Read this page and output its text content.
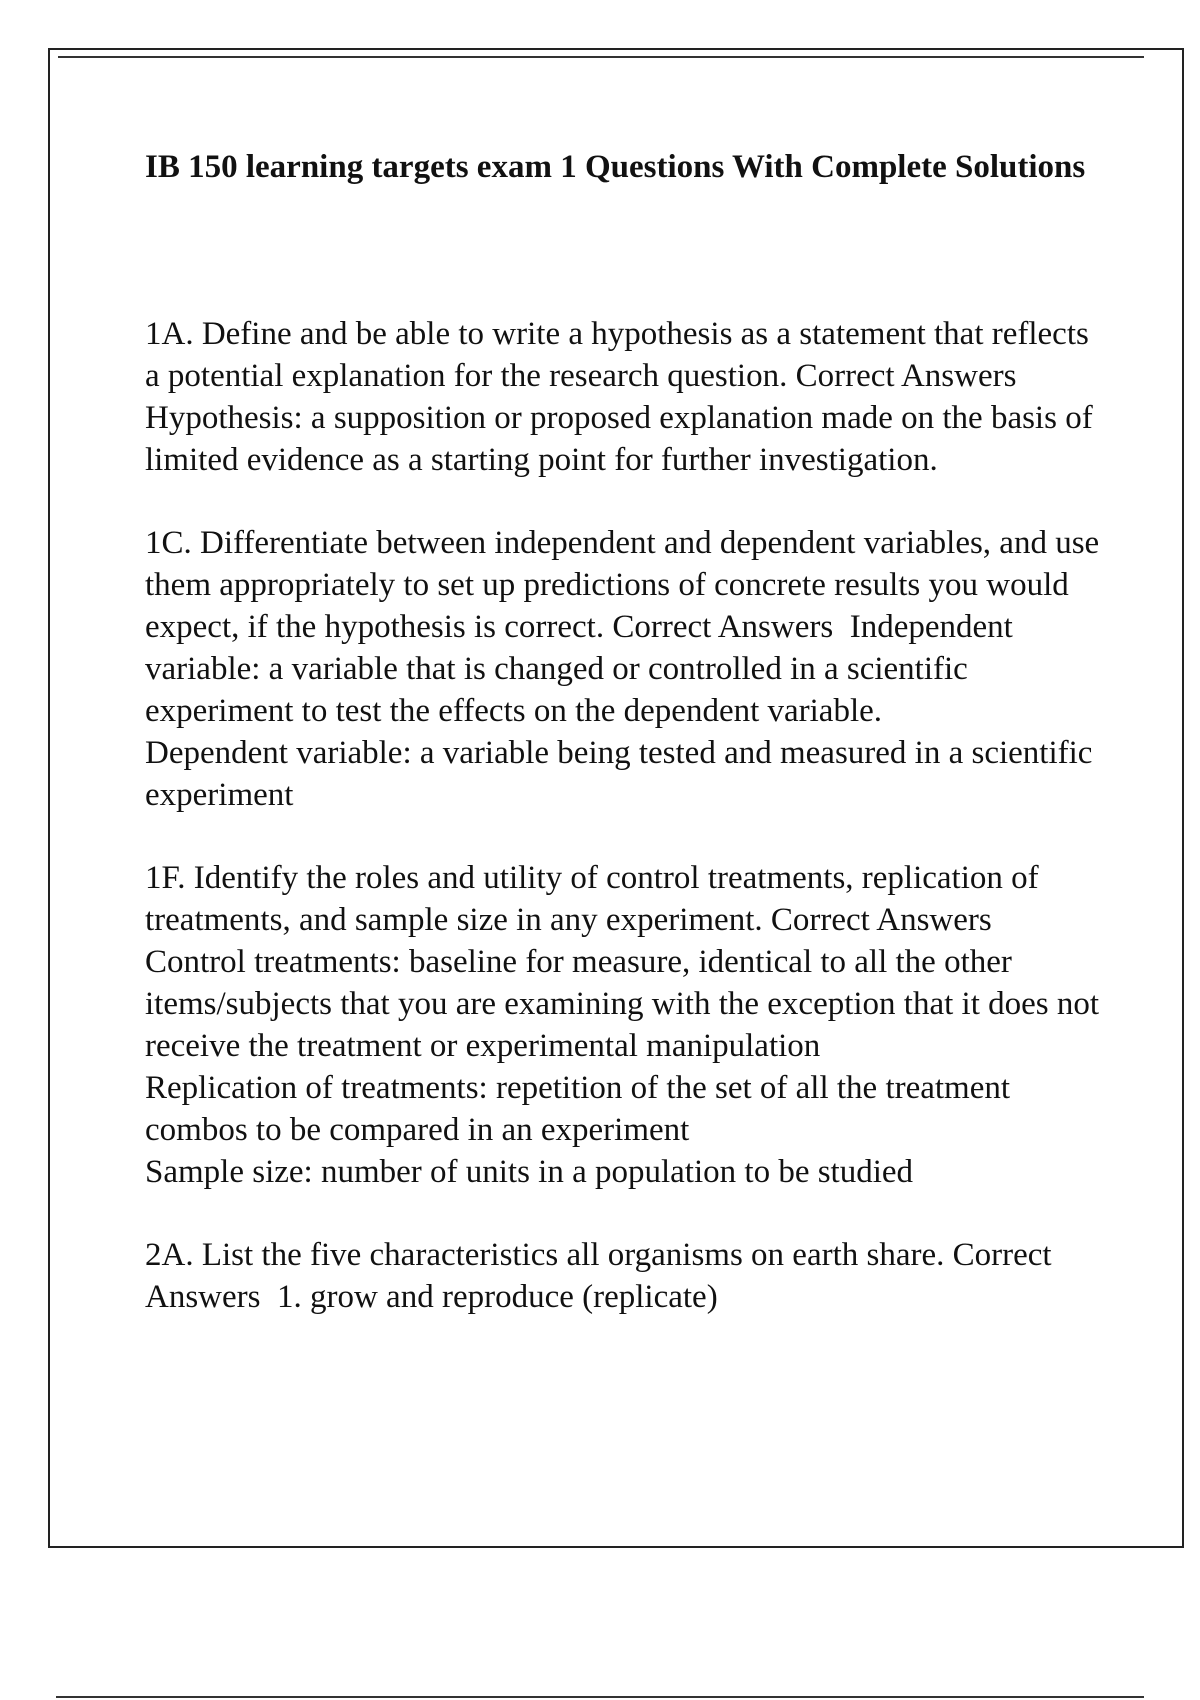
IB 150 learning targets exam 1 Questions With Complete Solutions

1A. Define and be able to write a hypothesis as a statement that reflects a potential explanation for the research question. Correct Answers  Hypothesis: a supposition or proposed explanation made on the basis of limited evidence as a starting point for further investigation.

1C. Differentiate between independent and dependent variables, and use them appropriately to set up predictions of concrete results you would expect, if the hypothesis is correct. Correct Answers  Independent variable: a variable that is changed or controlled in a scientific experiment to test the effects on the dependent variable.

Dependent variable: a variable being tested and measured in a scientific experiment

1F. Identify the roles and utility of control treatments, replication of treatments, and sample size in any experiment. Correct Answers  Control treatments: baseline for measure, identical to all the other items/subjects that you are examining with the exception that it does not receive the treatment or experimental manipulation

Replication of treatments: repetition of the set of all the treatment combos to be compared in an experiment

Sample size: number of units in a population to be studied

2A. List the five characteristics all organisms on earth share. Correct Answers  1. grow and reproduce (replicate)
